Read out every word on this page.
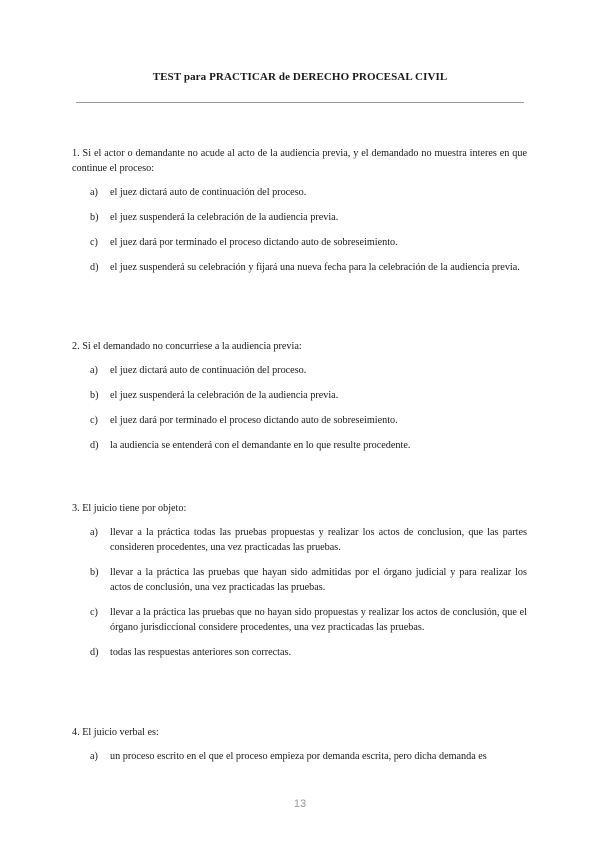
TEST para PRACTICAR de DERECHO PROCESAL CIVIL

1. Si el actor o demandante no acude al acto de la audiencia previa, y el demandado no muestra interes en que continue el proceso:

a)	el juez dictará auto de continuación del proceso.
b)	el juez suspenderá la celebración de la audiencia previa.
c)	el juez dará por terminado el proceso dictando auto de sobreseimiento.
d)	el juez suspenderá su celebración y fijará una nueva fecha para la celebración de la audiencia previa.

2. Si el demandado no concurriese a la audiencia previa:

a)	el juez dictará auto de continuación del proceso.
b)	el juez suspenderá la celebración de la audiencia previa.
c)	el juez dará por terminado el proceso dictando auto de sobreseimiento.
d)	la audiencia se entenderá con el demandante en lo que resulte procedente.

3. El juicio tiene por objeto:

a)	llevar a la práctica todas las pruebas propuestas y realizar los actos de conclusion, que las partes consideren procedentes, una vez practicadas las pruebas.
b)	llevar a la práctica las pruebas que hayan sido admitidas por el órgano judicial y para realizar los actos de conclusión, una vez practicadas las pruebas.
c)	llevar a la práctica las pruebas que no hayan sido propuestas y realizar los actos de conclusión, que el órgano jurisdiccional considere procedentes, una vez practicadas las pruebas.
d)	todas las respuestas anteriores son correctas.

4. El juicio verbal es:

a)	un proceso escrito en el que el proceso empieza por demanda escrita, pero dicha demanda es
13
